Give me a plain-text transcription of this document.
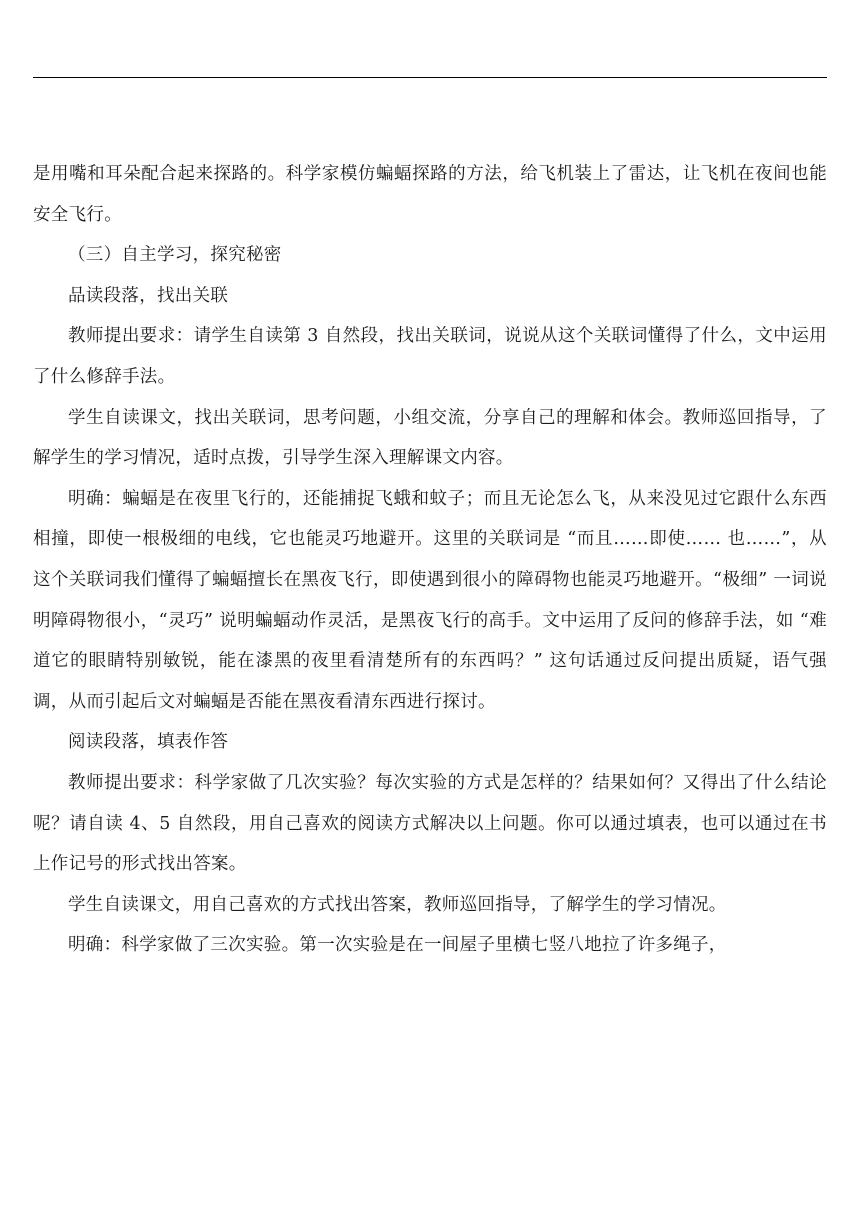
是用嘴和耳朵配合起来探路的。科学家模仿蝙蝠探路的方法，给飞机装上了雷达，让飞机在夜间也能安全飞行。

（三）自主学习，探究秘密

品读段落，找出关联

教师提出要求：请学生自读第 3 自然段，找出关联词，说说从这个关联词懂得了什么，文中运用了什么修辞手法。

学生自读课文，找出关联词，思考问题，小组交流，分享自己的理解和体会。教师巡回指导，了解学生的学习情况，适时点拨，引导学生深入理解课文内容。

明确：蝙蝠是在夜里飞行的，还能捕捉飞蛾和蚊子；而且无论怎么飞，从来没见过它跟什么东西相撞，即使一根极细的电线，它也能灵巧地避开。这里的关联词是 “而且……即使…… 也……”，从这个关联词我们懂得了蝙蝠擅长在黑夜飞行，即使遇到很小的障碍物也能灵巧地避开。“极细” 一词说明障碍物很小，“灵巧” 说明蝙蝠动作灵活，是黑夜飞行的高手。文中运用了反问的修辞手法，如 “难道它的眼睛特别敏锐，能在漆黑的夜里看清楚所有的东西吗？” 这句话通过反问提出质疑，语气强调，从而引起后文对蝙蝠是否能在黑夜看清东西进行探讨。

阅读段落，填表作答

教师提出要求：科学家做了几次实验？每次实验的方式是怎样的？结果如何？又得出了什么结论呢？请自读 4、5 自然段，用自己喜欢的阅读方式解决以上问题。你可以通过填表，也可以通过在书上作记号的形式找出答案。

学生自读课文，用自己喜欢的方式找出答案，教师巡回指导，了解学生的学习情况。

明确：科学家做了三次实验。第一次实验是在一间屋子里横七竖八地拉了许多绳子，
